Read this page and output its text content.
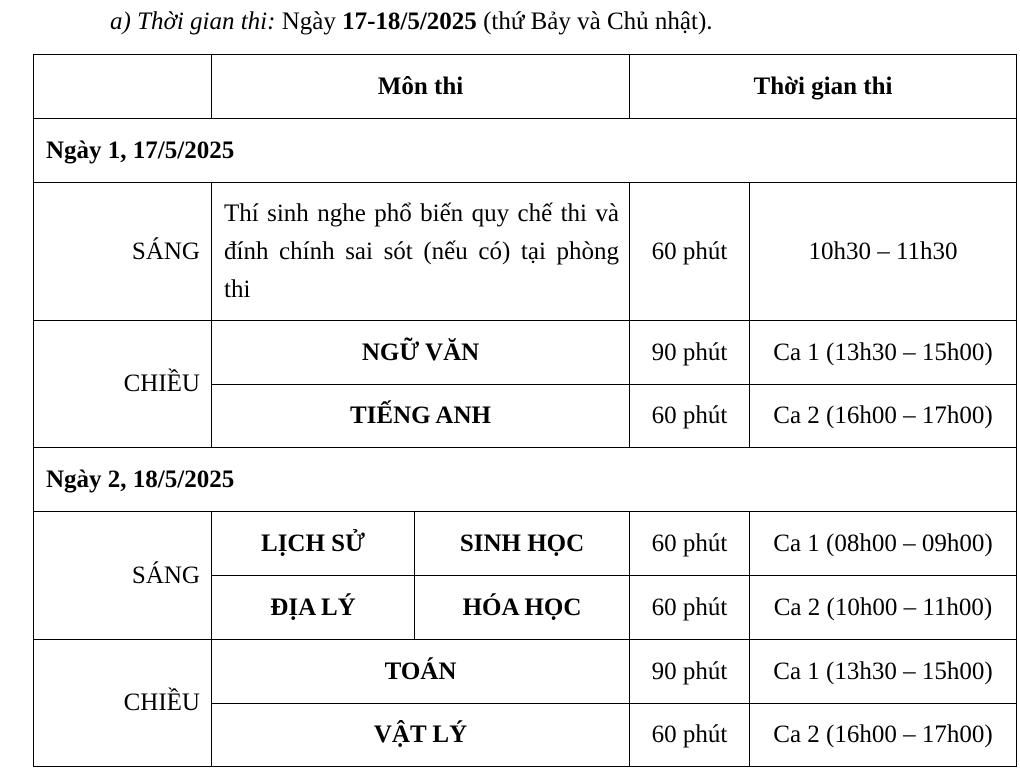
a) Thời gian thi: Ngày 17-18/5/2025 (thứ Bảy và Chủ nhật).
	Môn thi		Thời gian thi	
Ngày 1, 17/5/2025				
SÁNG	Thí sinh nghe phổ biến quy chế thi và đính chính sai sót (nếu có) tại phòng thi		60 phút	10h30 – 11h30
CHIỀU	NGỮ VĂN		90 phút	Ca 1 (13h30 – 15h00)
	TIẾNG ANH		60 phút	Ca 2 (16h00 – 17h00)
Ngày 2, 18/5/2025				
SÁNG	LỊCH SỬ	SINH HỌC	60 phút	Ca 1 (08h00 – 09h00)
	ĐỊA LÝ	HÓA HỌC	60 phút	Ca 2 (10h00 – 11h00)
CHIỀU	TOÁN		90 phút	Ca 1 (13h30 – 15h00)
	VẬT LÝ		60 phút	Ca 2 (16h00 – 17h00)
